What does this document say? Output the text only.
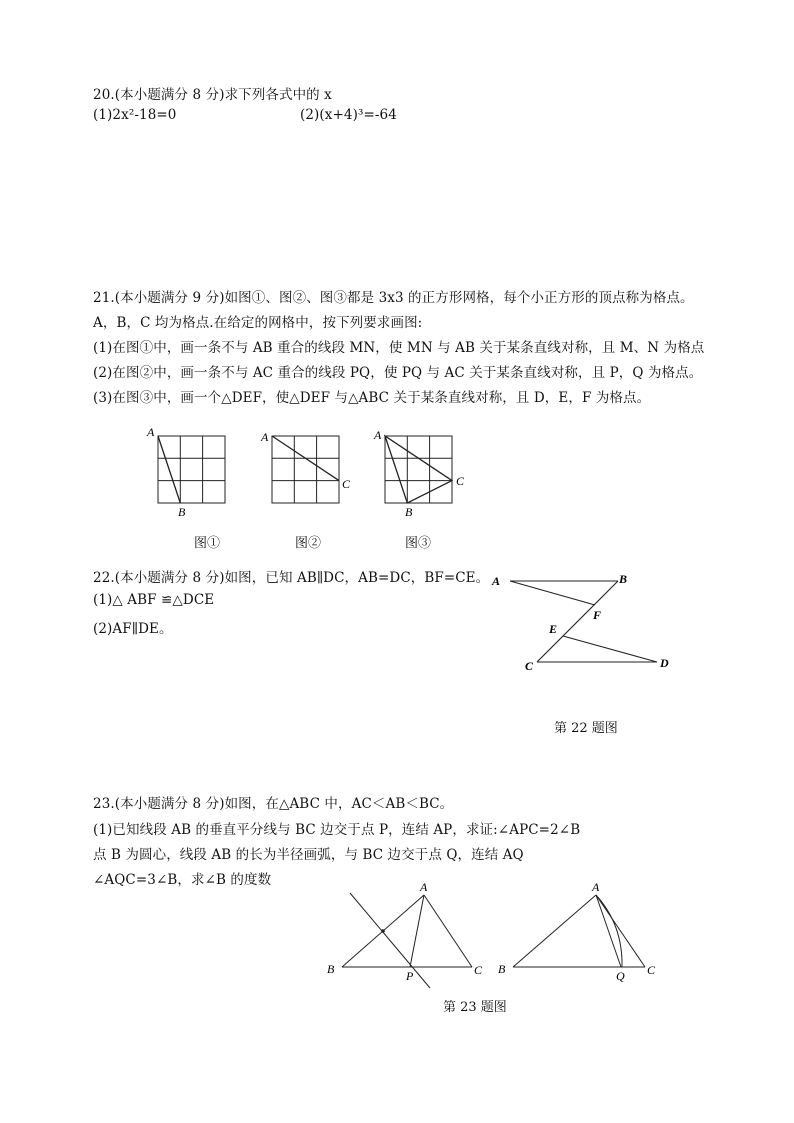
20.(本小题满分 8 分)求下列各式中的 x
(1)2x²-18=0	(2)(x+4)³=-64
21.(本小题满分 9 分)如图①、图②、图③都是 3x3 的正方形网格，每个小正方形的顶点称为格点。
A，B，C 均为格点.在给定的网格中，按下列要求画图:
(1)在图①中，画一条不与 AB 重合的线段 MN，使 MN 与 AB 关于某条直线对称，且 M、N 为格点
(2)在图②中，画一条不与 AC 重合的线段 PQ，使 PQ 与 AC 关于某条直线对称，且 P，Q 为格点。
(3)在图③中，画一个△DEF，使△DEF 与△ABC 关于某条直线对称，且 D，E，F 为格点。
A
B
图①
A
C
图②
A
B
C
图③
22.(本小题满分 8 分)如图，已知 AB∥DC，AB=DC，BF=CE。
(1)△ ABF ≌△DCE
(2)AF∥DE。
A	B
F
E
C	D
第 22 题图
23.(本小题满分 8 分)如图，在△ABC 中，AC＜AB＜BC。
(1)已知线段 AB 的垂直平分线与 BC 边交于点 P，连结 AP，求证:∠APC=2∠B
点 B 为圆心，线段 AB 的长为半径画弧，与 BC 边交于点 Q，连结 AQ
∠AQC=3∠B，求∠B 的度数	A
B	P	C
A
B	Q C
第 23 题图
